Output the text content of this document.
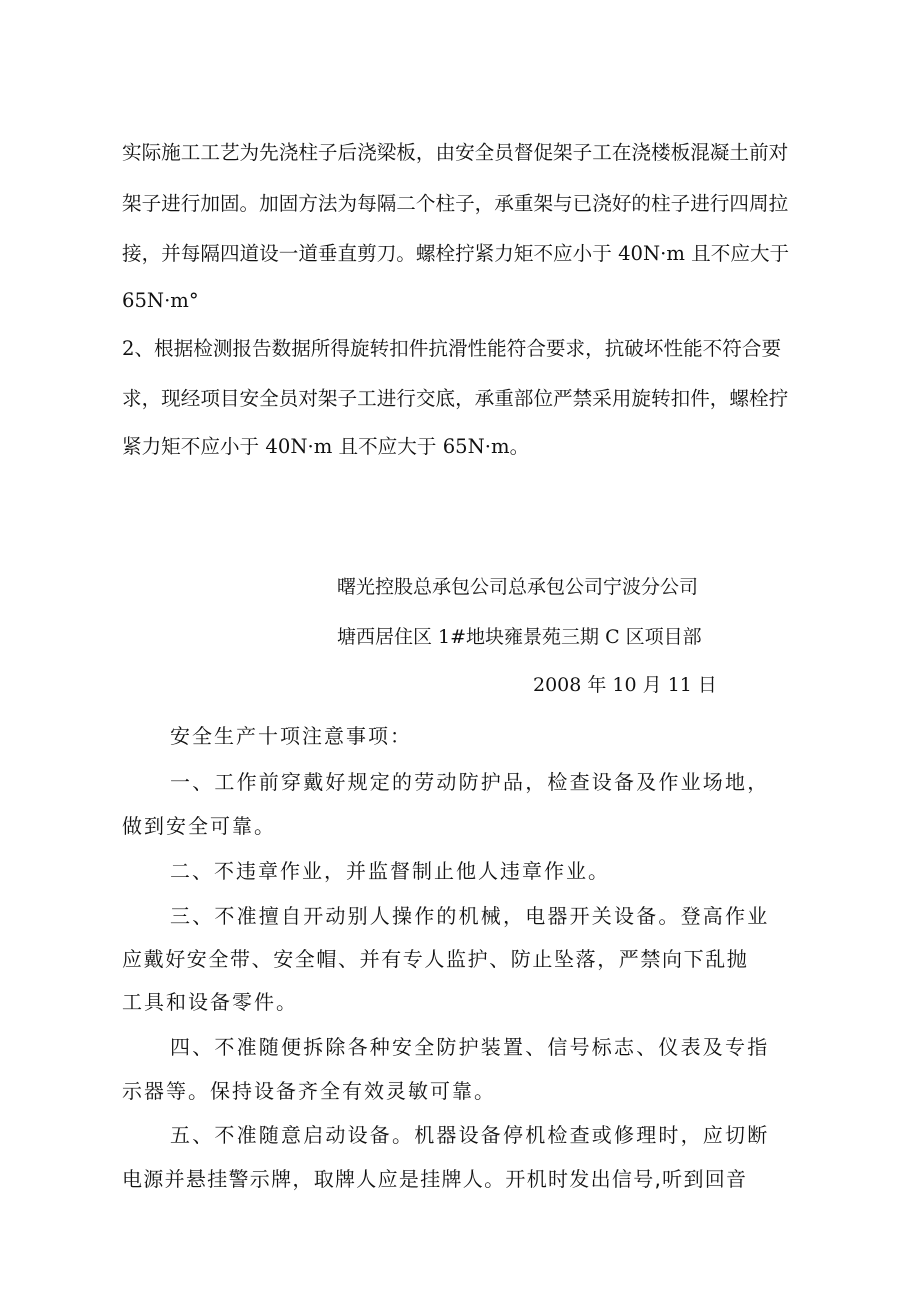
实际施工工艺为先浇柱子后浇梁板，由安全员督促架子工在浇楼板混凝土前对

架子进行加固。加固方法为每隔二个柱子，承重架与已浇好的柱子进行四周拉

接，并每隔四道设一道垂直剪刀。螺栓拧紧力矩不应小于 40N·m 且不应大于

65N·m°

2、根据检测报告数据所得旋转扣件抗滑性能符合要求，抗破坏性能不符合要

求，现经项目安全员对架子工进行交底，承重部位严禁采用旋转扣件，螺栓拧

紧力矩不应小于 40N·m 且不应大于 65N·m。

曙光控股总承包公司总承包公司宁波分公司

塘西居住区 1#地块雍景苑三期 C 区项目部

2008 年 10 月 11 日

安全生产十项注意事项：

一、工作前穿戴好规定的劳动防护品，检查设备及作业场地，

做到安全可靠。

二、不违章作业，并监督制止他人违章作业。

三、不准擅自开动别人操作的机械，电器开关设备。登高作业

应戴好安全带、安全帽、并有专人监护、防止坠落，严禁向下乱抛

工具和设备零件。

四、不准随便拆除各种安全防护装置、信号标志、仪表及专指

示器等。保持设备齐全有效灵敏可靠。

五、不准随意启动设备。机器设备停机检查或修理时，应切断

电源并悬挂警示牌，取牌人应是挂牌人。开机时发出信号,听到回音
